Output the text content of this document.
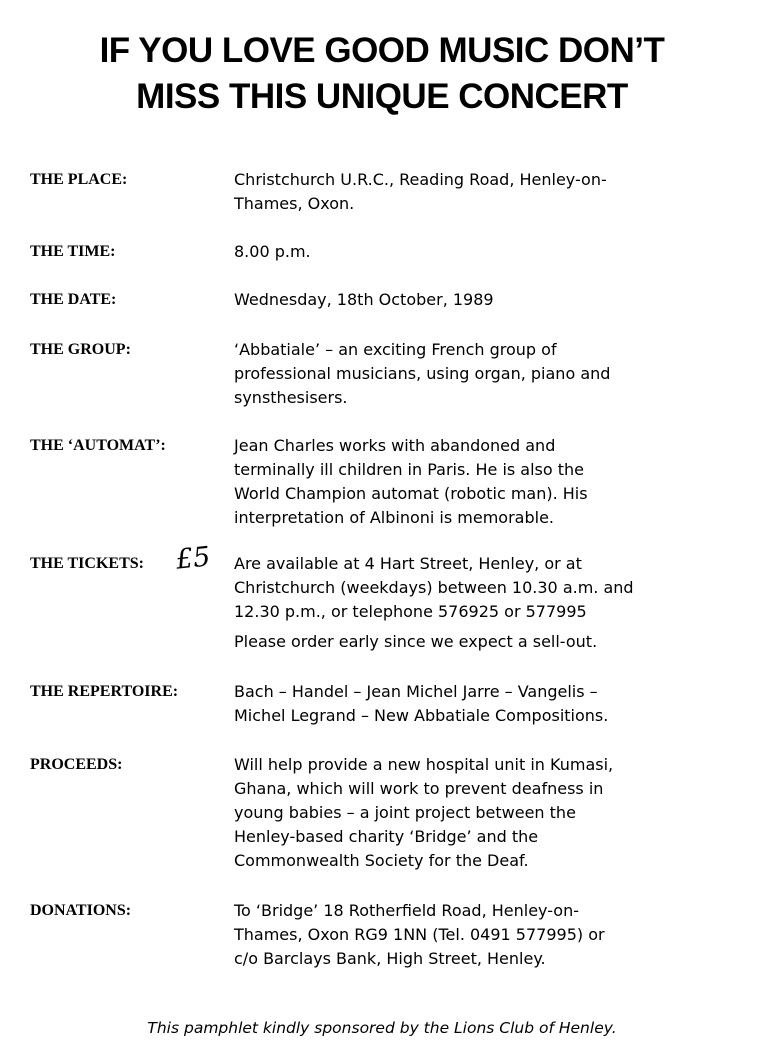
IF YOU LOVE GOOD MUSIC DON’T
MISS THIS UNIQUE CONCERT
THE PLACE:	Christchurch U.R.C., Reading Road, Henley-on-
Thames, Oxon.

THE TIME:	8.00 p.m.

THE DATE:	Wednesday, 18th October, 1989

THE GROUP:	‘Abbatiale’ – an exciting French group of
professional musicians, using organ, piano and
synsthesisers.

THE ‘AUTOMAT’:	Jean Charles works with abandoned and
terminally ill children in Paris. He is also the
World Champion automat (robotic man). His
interpretation of Albinoni is memorable.

THE TICKETS: £5 Are available at 4 Hart Street, Henley, or at
Christchurch (weekdays) between 10.30 a.m. and
12.30 p.m., or telephone 576925 or 577995
Please order early since we expect a sell-out.

THE REPERTOIRE:	Bach – Handel – Jean Michel Jarre – Vangelis –
Michel Legrand – New Abbatiale Compositions.

PROCEEDS:	Will help provide a new hospital unit in Kumasi,
Ghana, which will work to prevent deafness in
young babies – a joint project between the
Henley-based charity ‘Bridge’ and the
Commonwealth Society for the Deaf.

DONATIONS:	To ‘Bridge’ 18 Rotherfield Road, Henley-on-
Thames, Oxon RG9 1NN (Tel. 0491 577995) or
c/o Barclays Bank, High Street, Henley.

This pamphlet kindly sponsored by the Lions Club of Henley.
